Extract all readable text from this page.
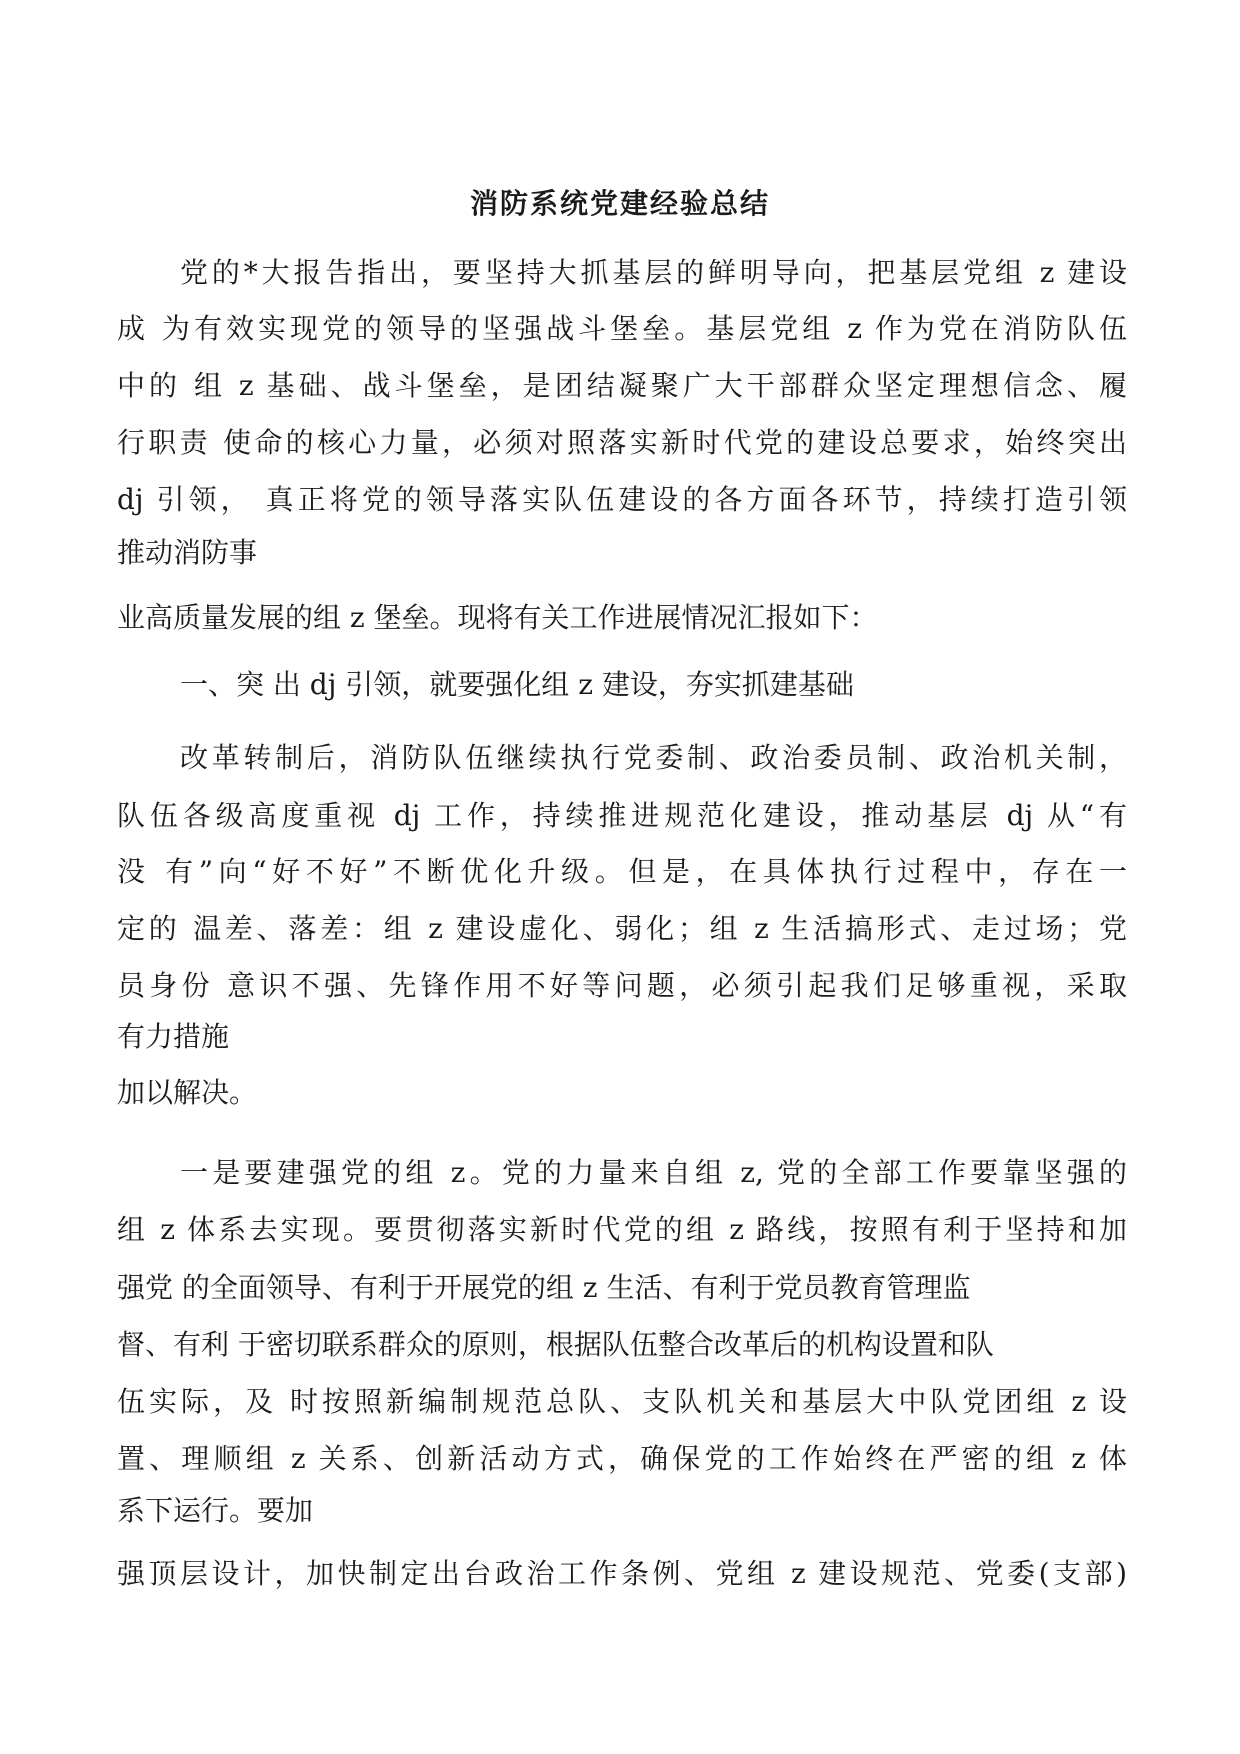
消防系统党建经验总结
党的*大报告指出，要坚持大抓基层的鲜明导向，把基层党组 z 建设
成 为有效实现党的领导的坚强战斗堡垒。基层党组 z 作为党在消防队伍
中的 组 z 基础、战斗堡垒，是团结凝聚广大干部群众坚定理想信念、履
行职责 使命的核心力量，必须对照落实新时代党的建设总要求，始终突出
dj 引领， 真正将党的领导落实队伍建设的各方面各环节，持续打造引领
推动消防事
业高质量发展的组 z 堡垒。现将有关工作进展情况汇报如下：
一、突 出 dj 引领，就要强化组 z 建设，夯实抓建基础
改革转制后，消防队伍继续执行党委制、政治委员制、政治机关制，
队伍各级高度重视 dj 工作，持续推进规范化建设，推动基层 dj 从“有
没 有”向“好不好”不断优化升级。但是，在具体执行过程中，存在一
定的 温差、落差：组 z 建设虚化、弱化；组 z 生活搞形式、走过场；党
员身份 意识不强、先锋作用不好等问题，必须引起我们足够重视，采取
有力措施
加以解决。
一是要建强党的组 z。党的力量来自组 z, 党的全部工作要靠坚强的
组 z 体系去实现。要贯彻落实新时代党的组 z 路线，按照有利于坚持和加
强党 的全面领导、有利于开展党的组 z 生活、有利于党员教育管理监
督、有利 于密切联系群众的原则，根据队伍整合改革后的机构设置和队
伍实际，及 时按照新编制规范总队、支队机关和基层大中队党团组 z 设
置、理顺组 z 关系、创新活动方式，确保党的工作始终在严密的组 z 体
系下运行。要加
强顶层设计，加快制定出台政治工作条例、党组 z 建设规范、党委(支部)
